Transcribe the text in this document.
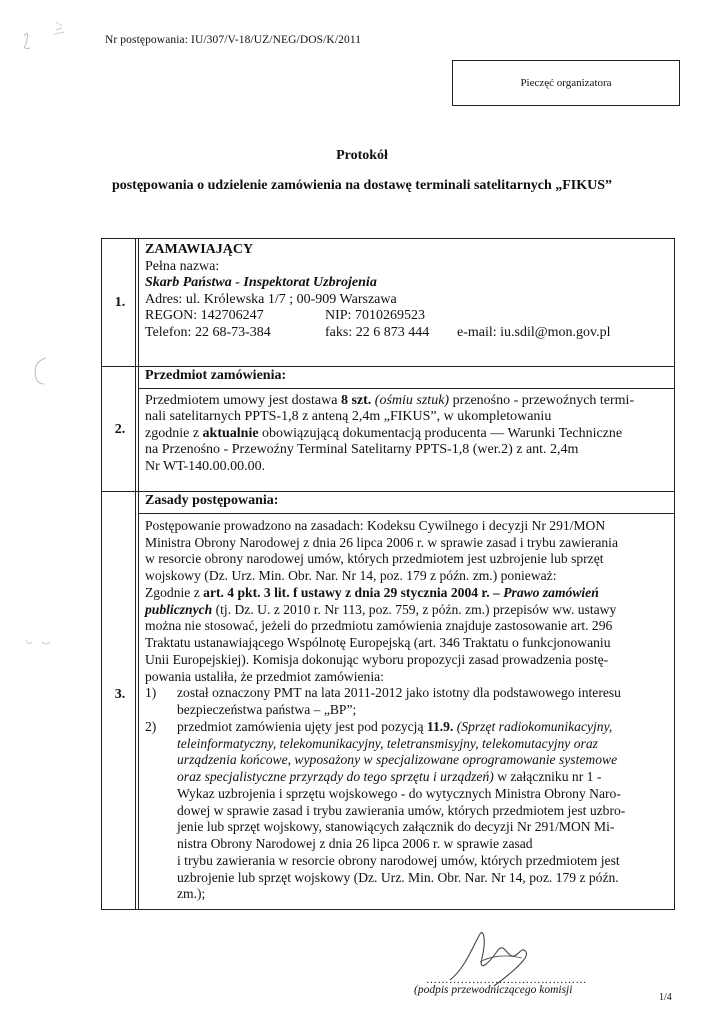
Nr postępowania: IU/307/V-18/UZ/NEG/DOS/K/2011
Pieczęć organizatora
Protokół
postępowania o udzielenie zamówienia na dostawę terminali satelitarnych „FIKUS”
1.
ZAMAWIAJĄCY
Pełna nazwa:
Skarb Państwa - Inspektorat Uzbrojenia
Adres: ul. Królewska 1/7 ; 00-909 Warszawa
REGON: 142706247	NIP: 7010269523
Telefon: 22 68-73-384	faks: 22 6 873 444 e-mail: iu.sdil@mon.gov.pl
2.
Przedmiot zamówienia:
Przedmiotem umowy jest dostawa 8 szt. (ośmiu sztuk) przenośno - przewoźnych termi-
nali satelitarnych PPTS-1,8 z anteną 2,4m „FIKUS”, w ukompletowaniu
zgodnie z aktualnie obowiązującą dokumentacją producenta — Warunki Techniczne
na Przenośno - Przewoźny Terminal Satelitarny PPTS-1,8 (wer.2) z ant. 2,4m
Nr WT-140.00.00.00.
3.
Zasady postępowania:
Postępowanie prowadzono na zasadach: Kodeksu Cywilnego i decyzji Nr 291/MON
Ministra Obrony Narodowej z dnia 26 lipca 2006 r. w sprawie zasad i trybu zawierania
w resorcie obrony narodowej umów, których przedmiotem jest uzbrojenie lub sprzęt
wojskowy (Dz. Urz. Min. Obr. Nar. Nr 14, poz. 179 z późn. zm.) ponieważ:
Zgodnie z art. 4 pkt. 3 lit. f ustawy z dnia 29 stycznia 2004 r. – Prawo zamówień
publicznych (tj. Dz. U. z 2010 r. Nr 113, poz. 759, z późn. zm.) przepisów ww. ustawy
można nie stosować, jeżeli do przedmiotu zamówienia znajduje zastosowanie art. 296
Traktatu ustanawiającego Wspólnotę Europejską (art. 346 Traktatu o funkcjonowaniu
Unii Europejskiej). Komisja dokonując wyboru propozycji zasad prowadzenia postę-
powania ustaliła, że przedmiot zamówienia:
1) został oznaczony PMT na lata 2011-2012 jako istotny dla podstawowego interesu
bezpieczeństwa państwa – „BP”;
2) przedmiot zamówienia ujęty jest pod pozycją 11.9. (Sprzęt radiokomunikacyjny,
teleinformatyczny, telekomunikacyjny, teletransmisyjny, telekomutacyjny oraz
urządzenia końcowe, wyposażony w specjalizowane oprogramowanie systemowe
oraz specjalistyczne przyrządy do tego sprzętu i urządzeń) w załączniku nr 1 -
Wykaz uzbrojenia i sprzętu wojskowego - do wytycznych Ministra Obrony Naro-
dowej w sprawie zasad i trybu zawierania umów, których przedmiotem jest uzbro-
jenie lub sprzęt wojskowy, stanowiących załącznik do decyzji Nr 291/MON Mi-
nistra Obrony Narodowej z dnia 26 lipca 2006 r. w sprawie zasad
i trybu zawierania w resorcie obrony narodowej umów, których przedmiotem jest
uzbrojenie lub sprzęt wojskowy (Dz. Urz. Min. Obr. Nar. Nr 14, poz. 179 z późn.
zm.);
……………………………………
(podpis przewodniczącego komisji
1/4
